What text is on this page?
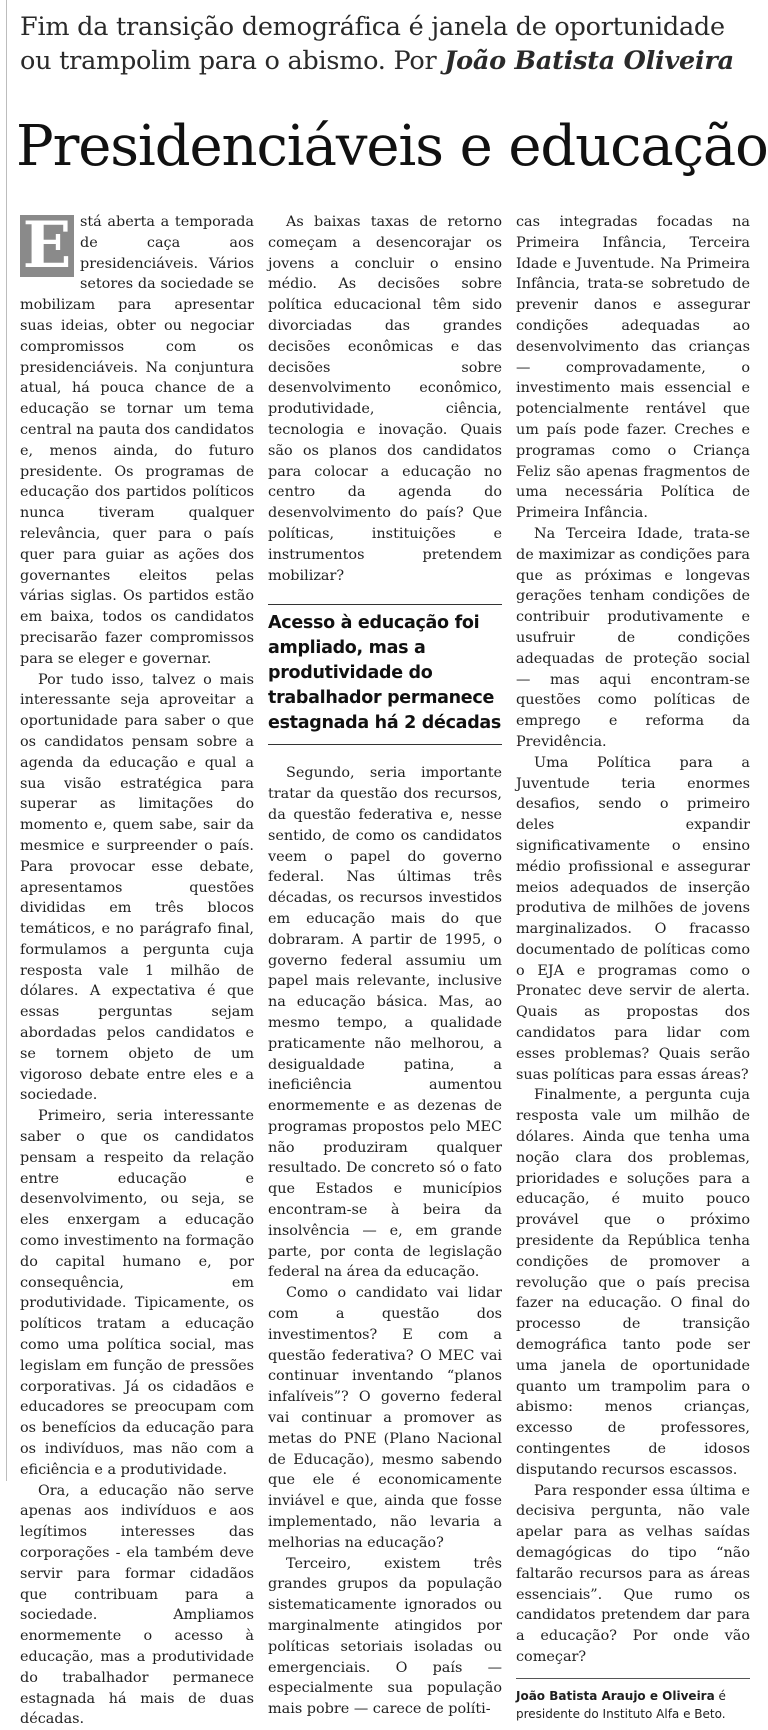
Fim da transição demográfica é janela de oportunidade
ou trampolim para o abismo. Por João Batista Oliveira
Presidenciáveis e educação

E stá aberta a temporada de caça aos presidenciáveis. Vários setores da sociedade se mobilizam para apresentar suas ideias, obter ou negociar compromissos com os presidenciáveis. Na conjuntura atual, há pouca chance de a educação se tornar um tema central na pauta dos candidatos e, menos ainda, do futuro presidente. Os programas de educação dos partidos políticos nunca tiveram qualquer relevância, quer para o país quer para guiar as ações dos governantes eleitos pelas várias siglas. Os partidos estão em baixa, todos os candidatos precisarão fazer compromissos para se eleger e governar.

Por tudo isso, talvez o mais interessante seja aproveitar a oportunidade para saber o que os candidatos pensam sobre a agenda da educação e qual a sua visão estratégica para superar as limitações do momento e, quem sabe, sair da mesmice e surpreender o país. Para provocar esse debate, apresentamos questões divididas em três blocos temáticos, e no parágrafo final, formulamos a pergunta cuja resposta vale 1 milhão de dólares. A expectativa é que essas perguntas sejam abordadas pelos candidatos e se tornem objeto de um vigoroso debate entre eles e a sociedade.

Primeiro, seria interessante saber o que os candidatos pensam a respeito da relação entre educação e desenvolvimento, ou seja, se eles enxergam a educação como investimento na formação do capital humano e, por consequência, em produtividade. Tipicamente, os políticos tratam a educação como uma política social, mas legislam em função de pressões corporativas. Já os cidadãos e educadores se preocupam com os benefícios da educação para os indivíduos, mas não com a eficiência e a produtividade.

Ora, a educação não serve apenas aos indivíduos e aos legítimos interesses das corporações - ela também deve servir para formar cidadãos que contribuam para a sociedade. Ampliamos enormemente o acesso à educação, mas a produtividade do trabalhador permanece estagnada há mais de duas décadas.

As baixas taxas de retorno começam a desencorajar os jovens a concluir o ensino médio. As decisões sobre política educacional têm sido divorciadas das grandes decisões econômicas e das decisões sobre desenvolvimento econômico, produtividade, ciência, tecnologia e inovação. Quais são os planos dos candidatos para colocar a educação no centro da agenda do desenvolvimento do país? Que políticas, instituições e instrumentos pretendem mobilizar?

Acesso à educação foi ampliado, mas a produtividade do trabalhador permanece estagnada há 2 décadas

Segundo, seria importante tratar da questão dos recursos, da questão federativa e, nesse sentido, de como os candidatos veem o papel do governo federal. Nas últimas três décadas, os recursos investidos em educação mais do que dobraram. A partir de 1995, o governo federal assumiu um papel mais relevante, inclusive na educação básica. Mas, ao mesmo tempo, a qualidade praticamente não melhorou, a desigualdade patina, a ineficiência aumentou enormemente e as dezenas de programas propostos pelo MEC não produziram qualquer resultado. De concreto só o fato que Estados e municípios encontram-se à beira da insolvência — e, em grande parte, por conta de legislação federal na área da educação.

Como o candidato vai lidar com a questão dos investimentos? E com a questão federativa? O MEC vai continuar inventando “planos infalíveis”? O governo federal vai continuar a promover as metas do PNE (Plano Nacional de Educação), mesmo sabendo que ele é economicamente inviável e que, ainda que fosse implementado, não levaria a melhorias na educação?

Terceiro, existem três grandes grupos da população sistematicamente ignorados ou marginalmente atingidos por políticas setoriais isoladas ou emergenciais. O país — especialmente sua população mais pobre — carece de políti-

cas integradas focadas na Primeira Infância, Terceira Idade e Juventude. Na Primeira Infância, trata-se sobretudo de prevenir danos e assegurar condições adequadas ao desenvolvimento das crianças — comprovadamente, o investimento mais essencial e potencialmente rentável que um país pode fazer. Creches e programas como o Criança Feliz são apenas fragmentos de uma necessária Política de Primeira Infância.

Na Terceira Idade, trata-se de maximizar as condições para que as próximas e longevas gerações tenham condições de contribuir produtivamente e usufruir de condições adequadas de proteção social — mas aqui encontram-se questões como políticas de emprego e reforma da Previdência.

Uma Política para a Juventude teria enormes desafios, sendo o primeiro deles expandir significativamente o ensino médio profissional e assegurar meios adequados de inserção produtiva de milhões de jovens marginalizados. O fracasso documentado de políticas como o EJA e programas como o Pronatec deve servir de alerta. Quais as propostas dos candidatos para lidar com esses problemas? Quais serão suas políticas para essas áreas?

Finalmente, a pergunta cuja resposta vale um milhão de dólares. Ainda que tenha uma noção clara dos problemas, prioridades e soluções para a educação, é muito pouco provável que o próximo presidente da República tenha condições de promover a revolução que o país precisa fazer na educação. O final do processo de transição demográfica tanto pode ser uma janela de oportunidade quanto um trampolim para o abismo: menos crianças, excesso de professores, contingentes de idosos disputando recursos escassos.

Para responder essa última e decisiva pergunta, não vale apelar para as velhas saídas demagógicas do tipo “não faltarão recursos para as áreas essenciais”. Que rumo os candidatos pretendem dar para a educação? Por onde vão começar?

João Batista Araujo e Oliveira é presidente do Instituto Alfa e Beto.
